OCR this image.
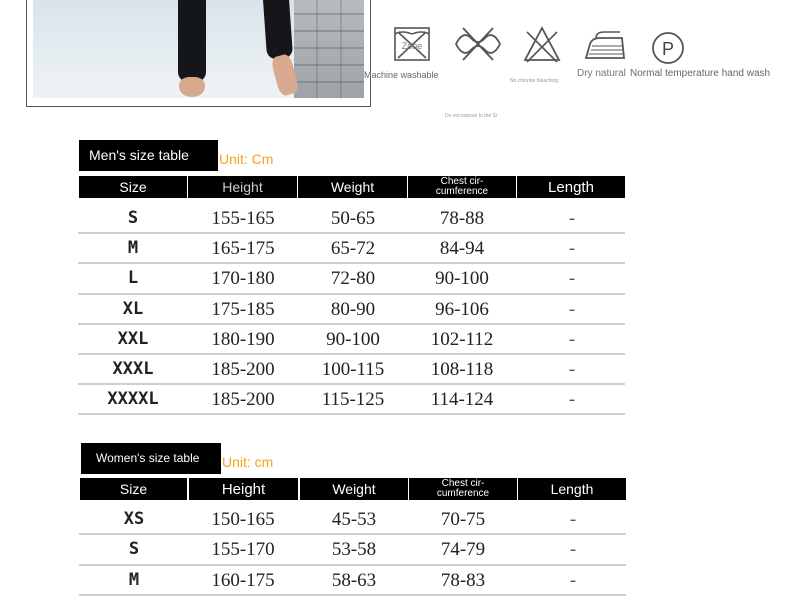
Zone	P
Machine washable
No chlorine bleaching
Dry natural Normal temperature hand wash
Do not expose to the Si
Men's size table	Unit: Cm
Size	Height	Weight	Chest cir-
cumference	Length
S	155-165	50-65	78-88	-
M	165-175	65-72	84-94	-
L	170-180	72-80	90-100	-
XL	175-185	80-90	96-106	-
XXL	180-190	90-100	102-112	-
XXXL	185-200	100-115	108-118	-
XXXXL	185-200	115-125	114-124	-
Women's size table	Unit: cm
Size	Height	Weight	Chest cir-
cumference	Length
XS	150-165	45-53	70-75	-
S	155-170	53-58	74-79	-
M	160-175	58-63	78-83	-
